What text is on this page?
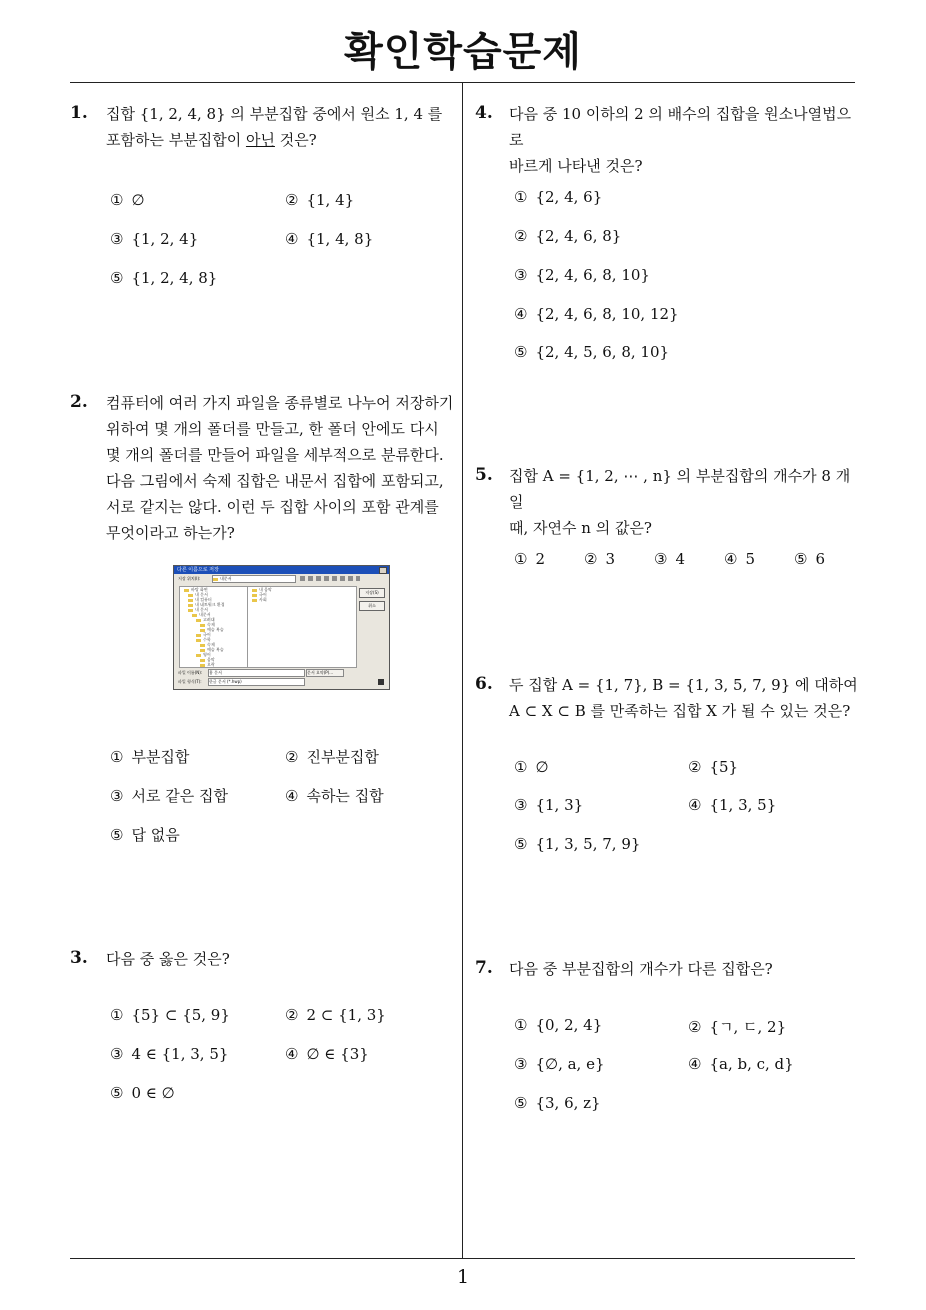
확인학습문제
1
1. 집합 {1, 2, 4, 8} 의 부분집합 중에서 원소 1, 4 를
포함하는 부분집합이 아닌 것은?
① ∅	② {1, 4}
③ {1, 2, 4}	④ {1, 4, 8}
⑤ {1, 2, 4, 8}
2. 컴퓨터에 여러 가지 파일을 종류별로 나누어 저장하기
위하여 몇 개의 폴더를 만들고, 한 폴더 안에도 다시
몇 개의 폴더를 만들어 파일을 세부적으로 분류한다.
다음 그림에서 숙제 집합은 내문서 집합에 포함되고,
서로 같지는 않다. 이런 두 집합 사이의 포함 관계를
무엇이라고 하는가?
다른 이름으로 저장
저장 위치(I):	내문서
바탕 화면
내 문서
내 컴퓨터
내 네트워크 환경
내 문서
내문서
고려대
숙제
예습 복습
국어
수학
숙제
예습 복습
영어
음악
오락
내 음악
국어
사회
저장(S)
취소
파일 이름(N): 홈 문서	문서 요약(P)...
파일 형식(T): 한글 문서 (*.hwp)
① 부분집합	② 진부분집합
③ 서로 같은 집합	④ 속하는 집합
⑤ 답 없음
3. 다음 중 옳은 것은?
① {5} ⊂ {5, 9}	② 2 ⊂ {1, 3}
③ 4 ∈ {1, 3, 5}	④ ∅ ∈ {3}
⑤ 0 ∈ ∅
4. 다음 중 10 이하의 2 의 배수의 집합을 원소나열법으로
바르게 나타낸 것은?
① {2, 4, 6}
② {2, 4, 6, 8}
③ {2, 4, 6, 8, 10}
④ {2, 4, 6, 8, 10, 12}
⑤ {2, 4, 5, 6, 8, 10}
5. 집합 A = {1, 2, ⋯ , n} 의 부분집합의 개수가 8 개일
때, 자연수 n 의 값은?
① 2	② 3	③ 4	④ 5	⑤ 6
6. 두 집합 A = {1, 7}, B = {1, 3, 5, 7, 9} 에 대하여
A ⊂ X ⊂ B 를 만족하는 집합 X 가 될 수 있는 것은?
① ∅	② {5}
③ {1, 3}	④ {1, 3, 5}
⑤ {1, 3, 5, 7, 9}
7. 다음 중 부분집합의 개수가 다른 집합은?
① {0, 2, 4}	② {ㄱ, ㄷ, 2}
③ {∅, a, e}	④ {a, b, c, d}
⑤ {3, 6, z}
